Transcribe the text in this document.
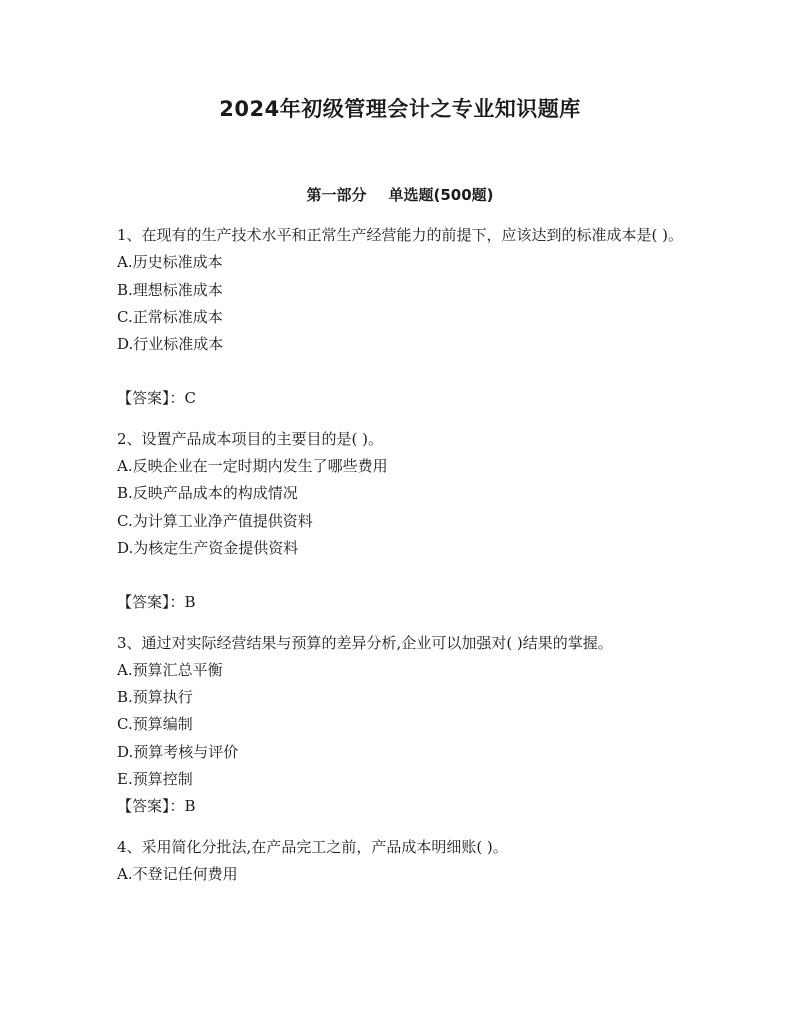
2024年初级管理会计之专业知识题库
第一部分 单选题(500题)
1、在现有的生产技术水平和正常生产经营能力的前提下，应该达到的标准成本是( )。
A.历史标准成本
B.理想标准成本
C.正常标准成本
D.行业标准成本
【答案】：C
2、设置产品成本项目的主要目的是( )。
A.反映企业在一定时期内发生了哪些费用
B.反映产品成本的构成情况
C.为计算工业净产值提供资料
D.为核定生产资金提供资料
【答案】：B
3、通过对实际经营结果与预算的差异分析,企业可以加强对( )结果的掌握。
A.预算汇总平衡
B.预算执行
C.预算编制
D.预算考核与评价
E.预算控制
【答案】：B
4、采用简化分批法,在产品完工之前，产品成本明细账( )。
A.不登记任何费用
